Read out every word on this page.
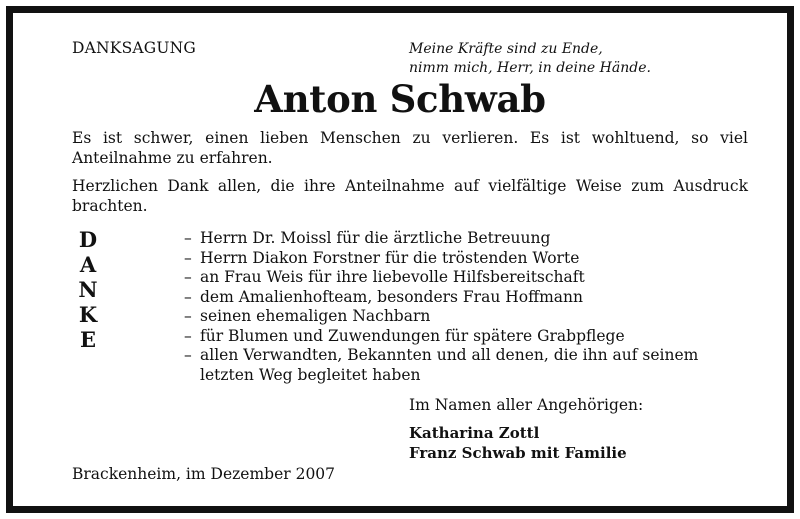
DANKSAGUNG	Meine Kräfte sind zu Ende,
nimm mich, Herr, in deine Hände.
Anton Schwab
Es ist schwer, einen lieben Menschen zu verlieren. Es ist wohltuend, so viel Anteilnahme zu erfahren.
Herzlichen Dank allen, die ihre Anteilnahme auf vielfältige Weise zum Ausdruck brachten.
D
A
N
K
E
– Herrn Dr. Moissl für die ärztliche Betreuung
– Herrn Diakon Forstner für die tröstenden Worte
– an Frau Weis für ihre liebevolle Hilfsbereitschaft
– dem Amalienhofteam, besonders Frau Hoffmann
– seinen ehemaligen Nachbarn
– für Blumen und Zuwendungen für spätere Grabpflege
– allen Verwandten, Bekannten und all denen, die ihn auf seinem
letzten Weg begleitet haben
Im Namen aller Angehörigen:
Katharina Zottl
Franz Schwab mit Familie
Brackenheim, im Dezember 2007
